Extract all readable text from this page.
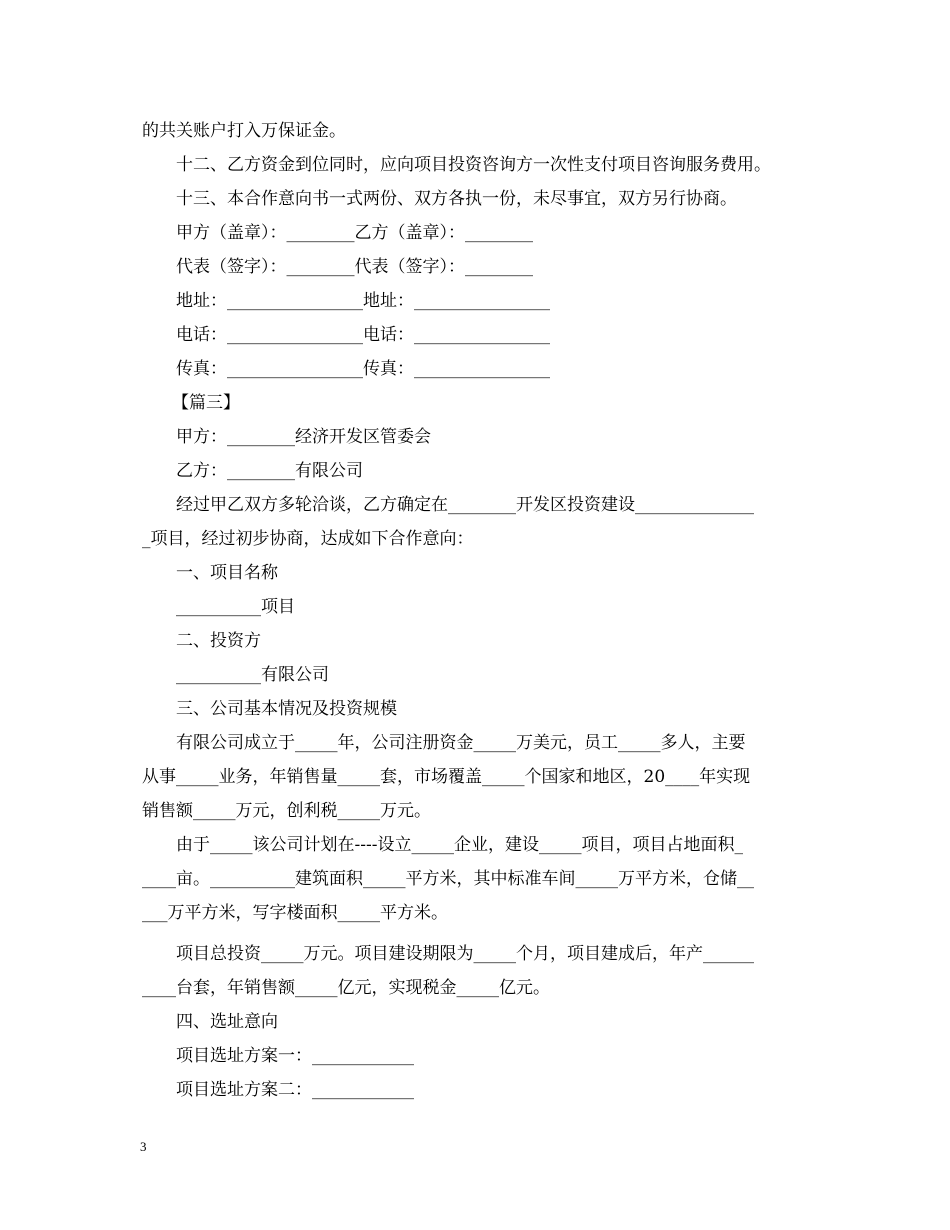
的共关账户打入万保证金。
十二、乙方资金到位同时，应向项目投资咨询方一次性支付项目咨询服务费用。
十三、本合作意向书一式两份、双方各执一份，未尽事宜，双方另行协商。
甲方（盖章）：________乙方（盖章）：________
代表（签字）：________代表（签字）：________
地址：________________地址：________________
电话：________________电话：________________
传真：________________传真：________________
【篇三】
甲方：________经济开发区管委会
乙方：________有限公司
经过甲乙双方多轮洽谈，乙方确定在________开发区投资建设______________
_项目，经过初步协商，达成如下合作意向：
一、项目名称
__________项目
二、投资方
__________有限公司
三、公司基本情况及投资规模
有限公司成立于_____年，公司注册资金_____万美元，员工_____多人，主要
从事_____业务，年销售量_____套，市场覆盖_____个国家和地区，20____年实现
销售额_____万元，创利税_____万元。
由于_____该公司计划在----设立_____企业，建设_____项目，项目占地面积_
____亩。__________建筑面积_____平方米，其中标准车间_____万平方米，仓储__
___万平方米，写字楼面积_____平方米。
项目总投资_____万元。项目建设期限为_____个月，项目建成后，年产______
____台套，年销售额_____亿元，实现税金_____亿元。
四、选址意向
项目选址方案一：____________
项目选址方案二：____________
3
